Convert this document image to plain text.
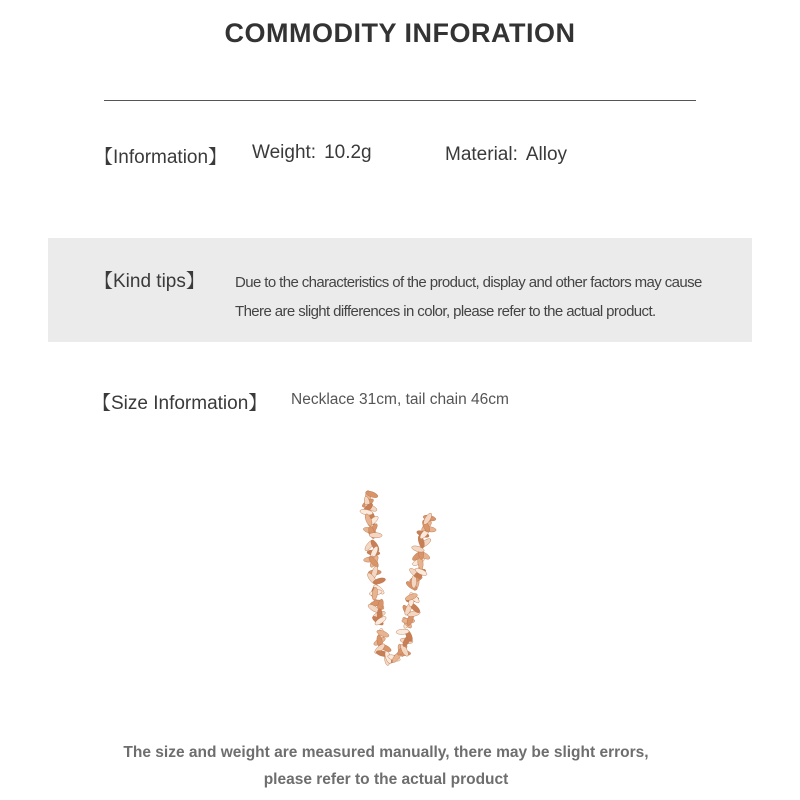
COMMODITY INFORATION
【Information】 Weight: 10.2g	Material: Alloy
【Kind tips】 Due to the characteristics of the product, display and other factors may cause
There are slight differences in color, please refer to the actual product.
【Size Information】 Necklace 31cm, tail chain 46cm
The size and weight are measured manually, there may be slight errors,
please refer to the actual product
